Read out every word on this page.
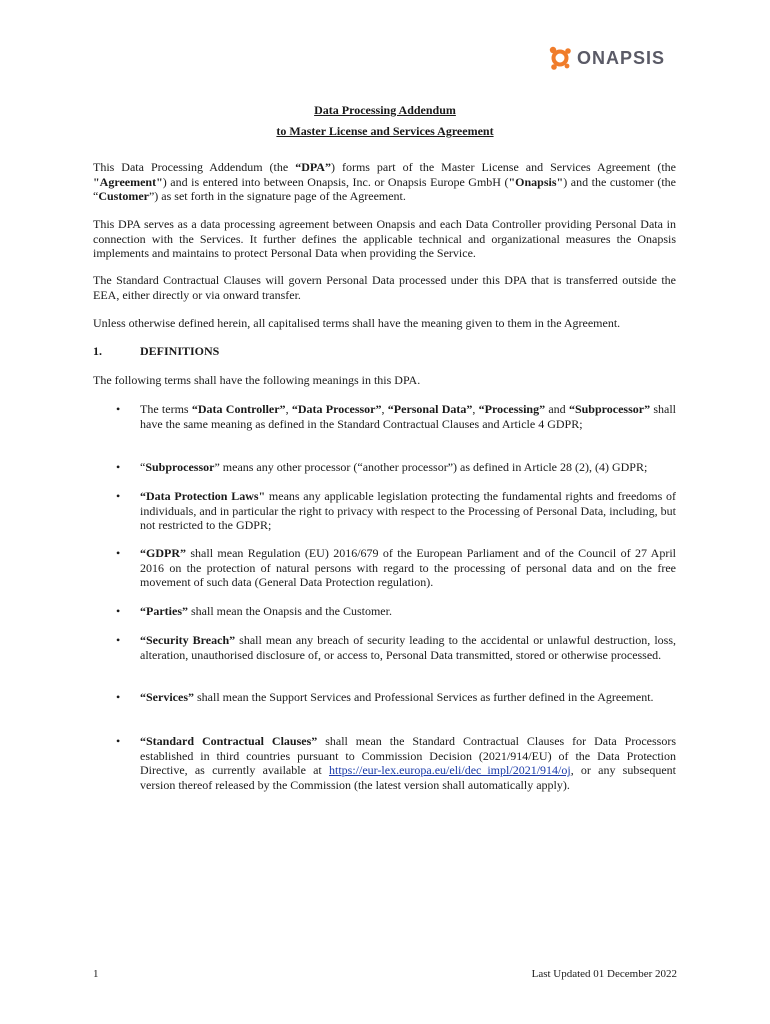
ONAPSIS
Data Processing Addendum
to Master License and Services Agreement
This Data Processing Addendum (the “DPA”) forms part of the Master License and Services Agreement (the "Agreement") and is entered into between Onapsis, Inc. or Onapsis Europe GmbH ("Onapsis") and the customer (the “Customer”) as set forth in the signature page of the Agreement.
This DPA serves as a data processing agreement between Onapsis and each Data Controller providing Personal Data in connection with the Services. It further defines the applicable technical and organizational measures the Onapsis implements and maintains to protect Personal Data when providing the Service.
The Standard Contractual Clauses will govern Personal Data processed under this DPA that is transferred outside the EEA, either directly or via onward transfer.
Unless otherwise defined herein, all capitalised terms shall have the meaning given to them in the Agreement.
1.	DEFINITIONS
The following terms shall have the following meanings in this DPA.
• The terms “Data Controller”, “Data Processor”, “Personal Data”, “Processing” and “Subprocessor” shall have the same meaning as defined in the Standard Contractual Clauses and Article 4 GDPR;
• “Subprocessor” means any other processor (“another processor”) as defined in Article 28 (2), (4) GDPR;
• “Data Protection Laws" means any applicable legislation protecting the fundamental rights and freedoms of individuals, and in particular the right to privacy with respect to the Processing of Personal Data, including, but not restricted to the GDPR;
• “GDPR” shall mean Regulation (EU) 2016/679 of the European Parliament and of the Council of 27 April 2016 on the protection of natural persons with regard to the processing of personal data and on the free movement of such data (General Data Protection regulation).
• “Parties” shall mean the Onapsis and the Customer.
• “Security Breach” shall mean any breach of security leading to the accidental or unlawful destruction, loss, alteration, unauthorised disclosure of, or access to, Personal Data transmitted, stored or otherwise processed.
• “Services” shall mean the Support Services and Professional Services as further defined in the Agreement.
• “Standard Contractual Clauses” shall mean the Standard Contractual Clauses for Data Processors established in third countries pursuant to Commission Decision (2021/914/EU) of the Data Protection Directive, as currently available at https://eur-lex.europa.eu/eli/dec_impl/2021/914/oj, or any subsequent version thereof released by the Commission (the latest version shall automatically apply).
1	Last Updated 01 December 2022
